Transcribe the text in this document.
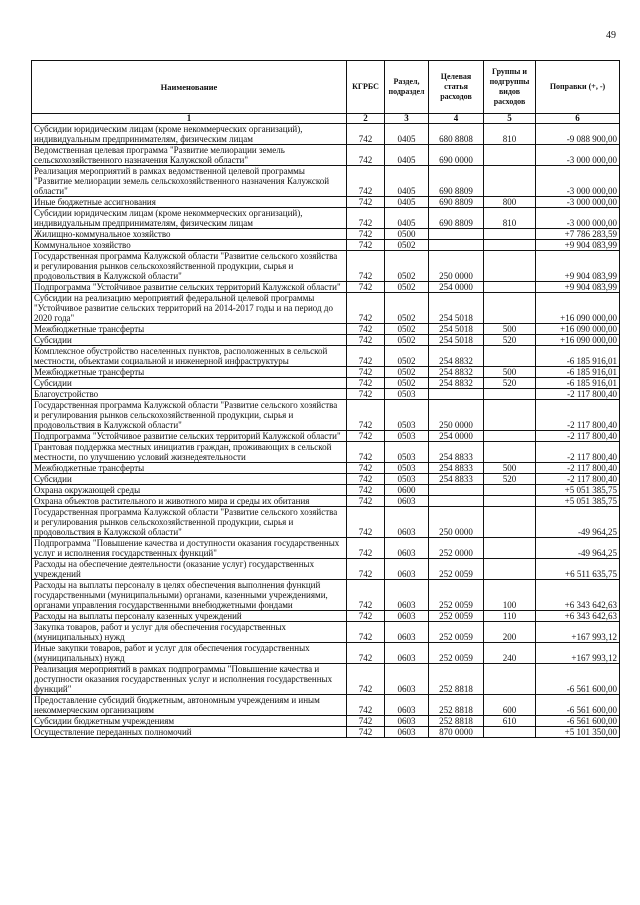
49
Наименование	КГРБС	Раздел, подраздел	Целевая статья расходов	Группы и подгруппы видов расходов	Поправки (+, -)
1	2	3	4	5	6
Субсидии юридическим лицам (кроме некоммерческих организаций), индивидуальным предпринимателям, физическим лицам	742	0405	680 8808	810	-9 088 900,00
Ведомственная целевая программа "Развитие мелиорации земель сельскохозяйственного назначения Калужской области"	742	0405	690 0000		-3 000 000,00
Реализация мероприятий в рамках ведомственной целевой программы "Развитие мелиорации земель сельскохозяйственного назначения Калужской области"	742	0405	690 8809		-3 000 000,00
Иные бюджетные ассигнования	742	0405	690 8809	800	-3 000 000,00
Субсидии юридическим лицам (кроме некоммерческих организаций), индивидуальным предпринимателям, физическим лицам	742	0405	690 8809	810	-3 000 000,00
Жилищно-коммунальное хозяйство	742	0500			+7 786 283,59
Коммунальное хозяйство	742	0502			+9 904 083,99
Государственная программа Калужской области "Развитие сельского хозяйства и регулирования рынков сельскохозяйственной продукции, сырья и продовольствия в Калужской области"	742	0502	250 0000		+9 904 083,99
Подпрограмма "Устойчивое развитие сельских территорий Калужской области"	742	0502	254 0000		+9 904 083,99
Субсидии на реализацию мероприятий федеральной целевой программы "Устойчивое развитие сельских территорий на 2014-2017 годы и на период до 2020 года"	742	0502	254 5018		+16 090 000,00
Межбюджетные трансферты	742	0502	254 5018	500	+16 090 000,00
Субсидии	742	0502	254 5018	520	+16 090 000,00
Комплексное обустройство населенных пунктов, расположенных в сельской местности, объектами социальной и инженерной инфраструктуры	742	0502	254 8832		-6 185 916,01
Межбюджетные трансферты	742	0502	254 8832	500	-6 185 916,01
Субсидии	742	0502	254 8832	520	-6 185 916,01
Благоустройство	742	0503			-2 117 800,40
Государственная программа Калужской области "Развитие сельского хозяйства и регулирования рынков сельскохозяйственной продукции, сырья и продовольствия в Калужской области"	742	0503	250 0000		-2 117 800,40
Подпрограмма "Устойчивое развитие сельских территорий Калужской области"	742	0503	254 0000		-2 117 800,40
Грантовая поддержка местных инициатив граждан, проживающих в сельской местности, по улучшению условий жизнедеятельности	742	0503	254 8833		-2 117 800,40
Межбюджетные трансферты	742	0503	254 8833	500	-2 117 800,40
Субсидии	742	0503	254 8833	520	-2 117 800,40
Охрана окружающей среды	742	0600			+5 051 385,75
Охрана объектов растительного и животного мира и среды их обитания	742	0603			+5 051 385,75
Государственная программа Калужской области "Развитие сельского хозяйства и регулирования рынков сельскохозяйственной продукции, сырья и продовольствия в Калужской области"	742	0603	250 0000		-49 964,25
Подпрограмма "Повышение качества и доступности оказания государственных услуг и исполнения государственных функций"	742	0603	252 0000		-49 964,25
Расходы на обеспечение деятельности (оказание услуг) государственных учреждений	742	0603	252 0059		+6 511 635,75
Расходы на выплаты персоналу в целях обеспечения выполнения функций государственными (муниципальными) органами, казенными учреждениями, органами управления государственными внебюджетными фондами	742	0603	252 0059	100	+6 343 642,63
Расходы на выплаты персоналу казенных учреждений	742	0603	252 0059	110	+6 343 642,63
Закупка товаров, работ и услуг для обеспечения государственных (муниципальных) нужд	742	0603	252 0059	200	+167 993,12
Иные закупки товаров, работ и услуг для обеспечения государственных (муниципальных) нужд	742	0603	252 0059	240	+167 993,12
Реализация мероприятий в рамках подпрограммы "Повышение качества и доступности оказания государственных услуг и исполнения государственных функций"	742	0603	252 8818		-6 561 600,00
Предоставление субсидий бюджетным, автономным учреждениям и иным некоммерческим организациям	742	0603	252 8818	600	-6 561 600,00
Субсидии бюджетным учреждениям	742	0603	252 8818	610	-6 561 600,00
Осуществление переданных полномочий	742	0603	870 0000		+5 101 350,00
